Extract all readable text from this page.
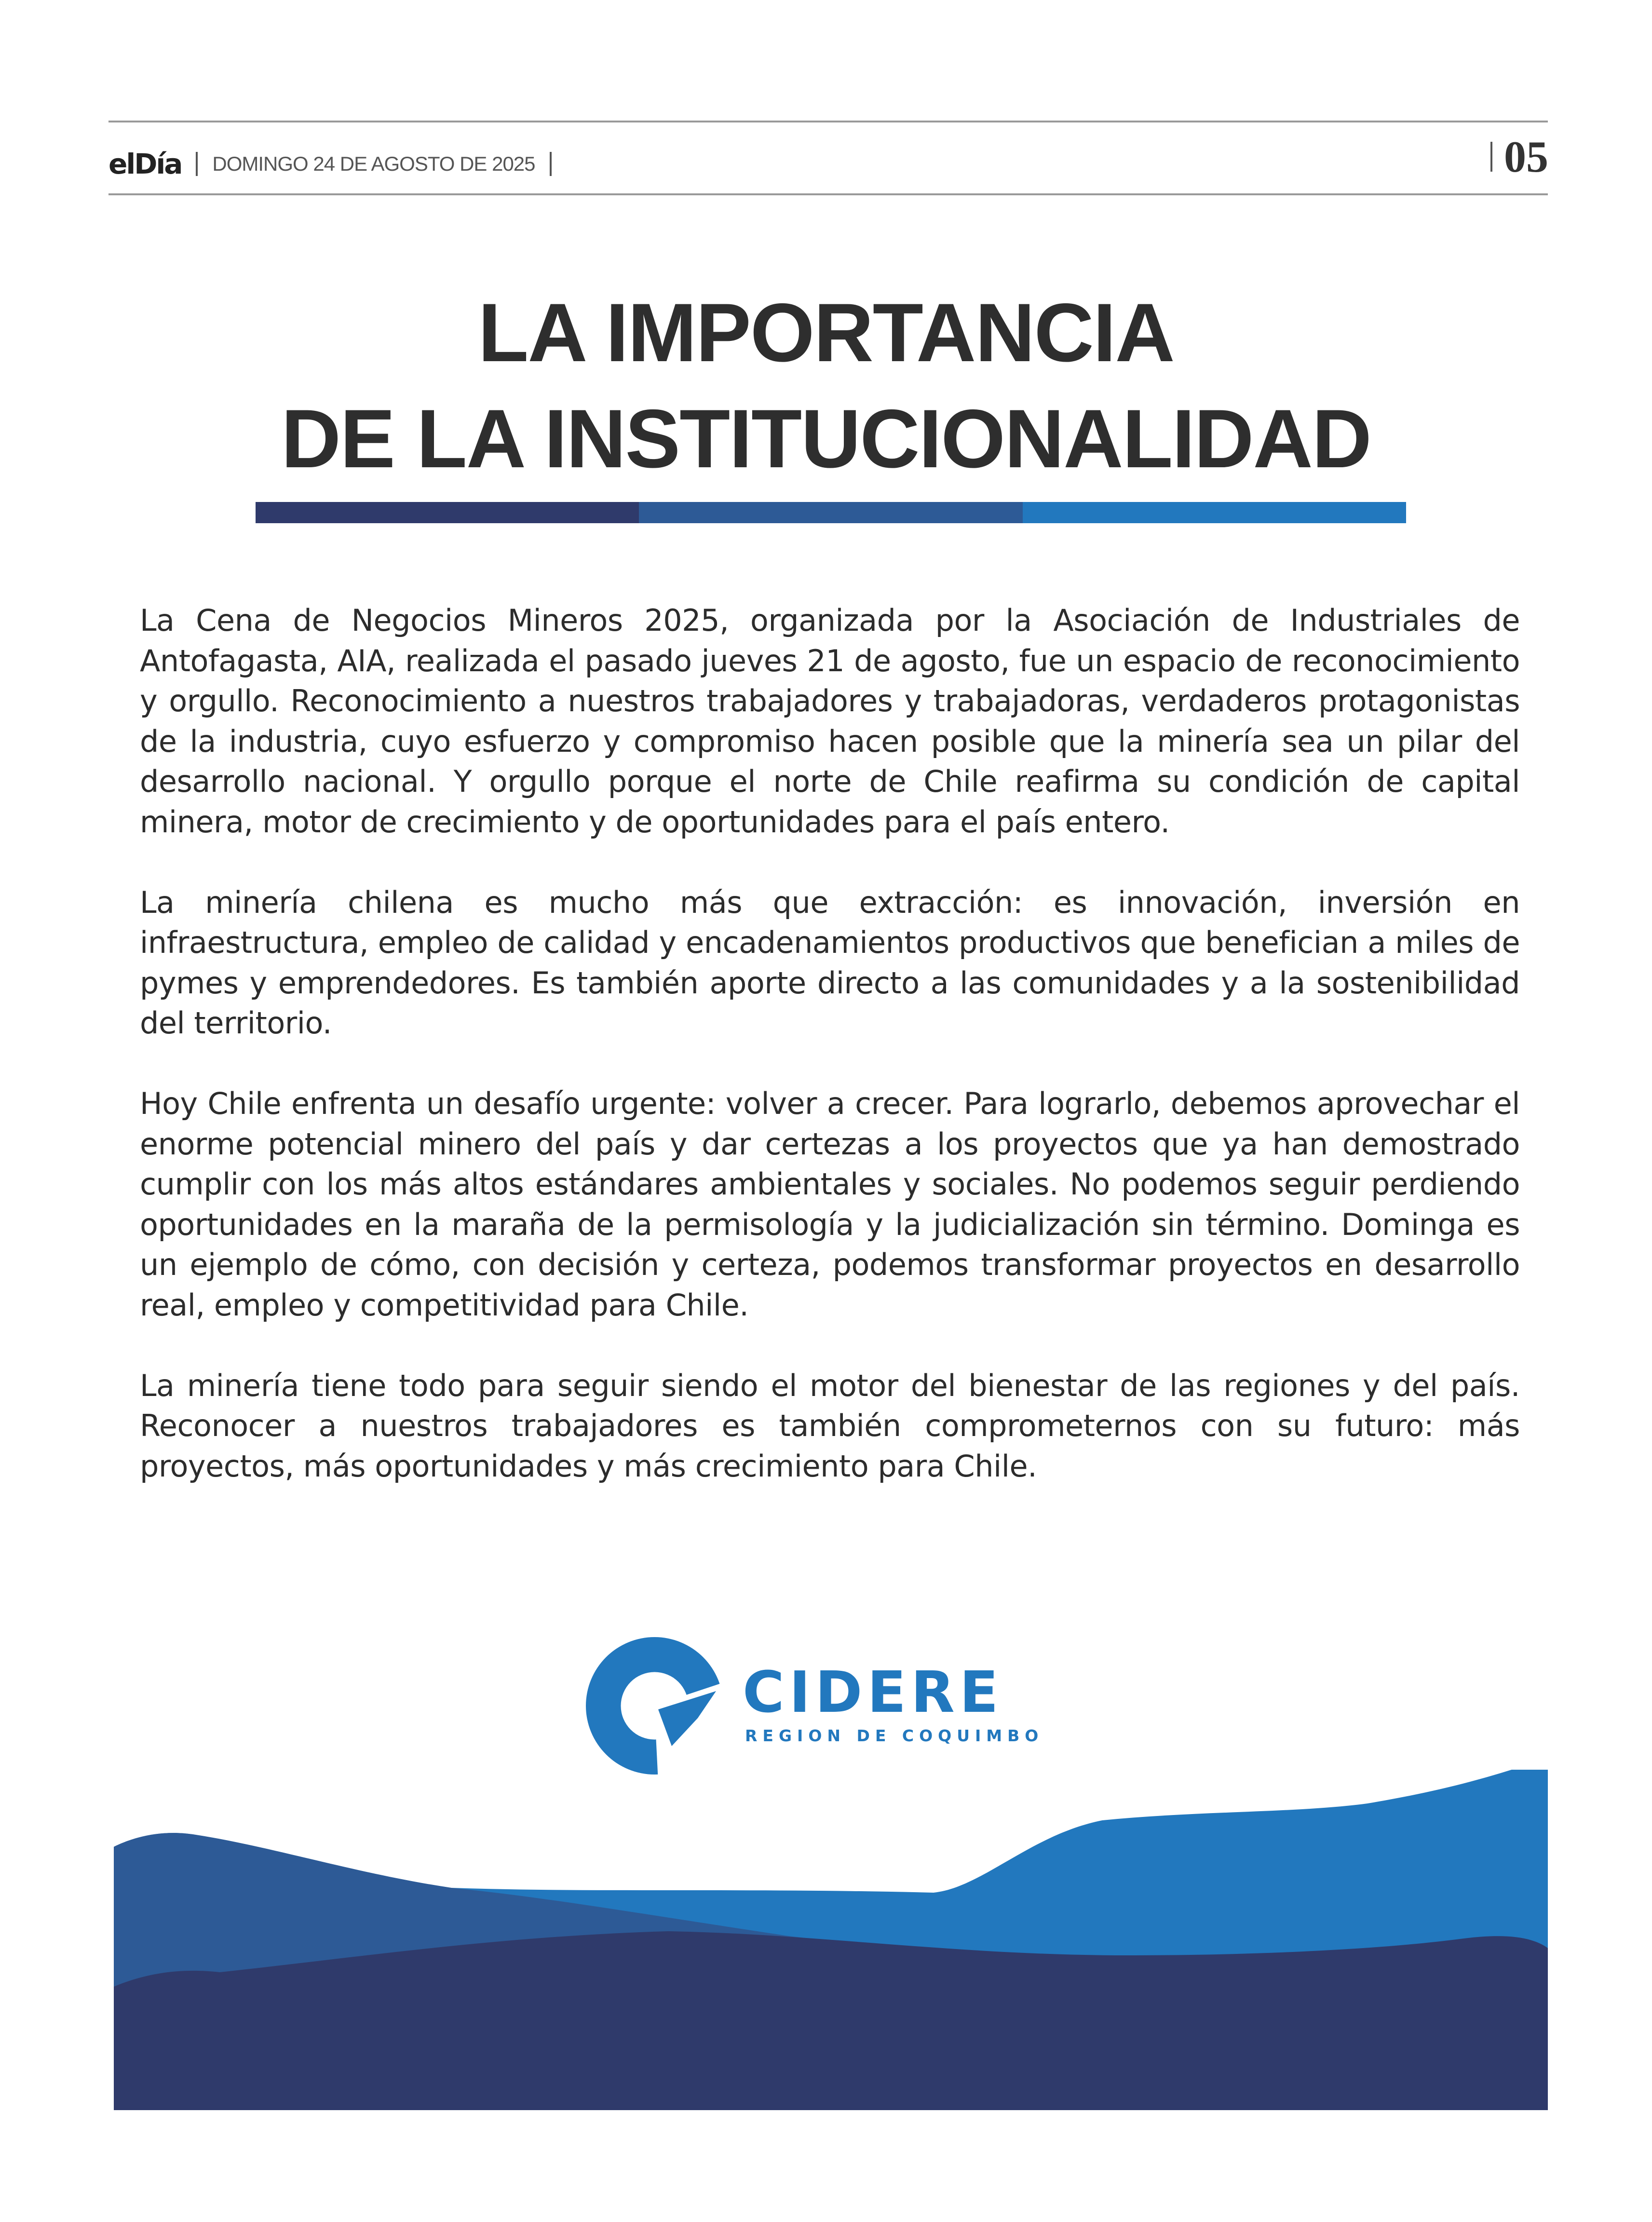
elDía DOMINGO 24 DE AGOSTO DE 2025	05
LA IMPORTANCIA
DE LA INSTITUCIONALIDAD

La Cena de Negocios Mineros 2025, organizada por la Asociación de Industriales de Antofagasta, AIA, realizada el pasado jueves 21 de agosto, fue un espacio de reconocimiento y orgullo. Reconocimiento a nuestros trabajadores y trabajadoras, verdaderos protagonistas de la industria, cuyo esfuerzo y compromiso hacen posible que la minería sea un pilar del desarrollo nacional. Y orgullo porque el norte de Chile reafirma su condición de capital minera, motor de crecimiento y de oportunidades para el país entero.

La minería chilena es mucho más que extracción: es innovación, inversión en infraestructura, empleo de calidad y encadenamientos productivos que benefician a miles de pymes y emprendedores. Es también aporte directo a las comunidades y a la sostenibilidad del territorio.

Hoy Chile enfrenta un desafío urgente: volver a crecer. Para lograrlo, debemos aprovechar el enorme potencial minero del país y dar certezas a los proyectos que ya han demostrado cumplir con los más altos estándares ambientales y sociales. No podemos seguir perdiendo oportunidades en la maraña de la permisología y la judicialización sin término. Dominga es un ejemplo de cómo, con decisión y certeza, podemos transformar proyectos en desarrollo real, empleo y competitividad para Chile.

La minería tiene todo para seguir siendo el motor del bienestar de las regiones y del país. Reconocer a nuestros trabajadores es también comprometernos con su futuro: más proyectos, más oportunidades y más crecimiento para Chile.

CIDERE
REGION DE COQUIMBO
